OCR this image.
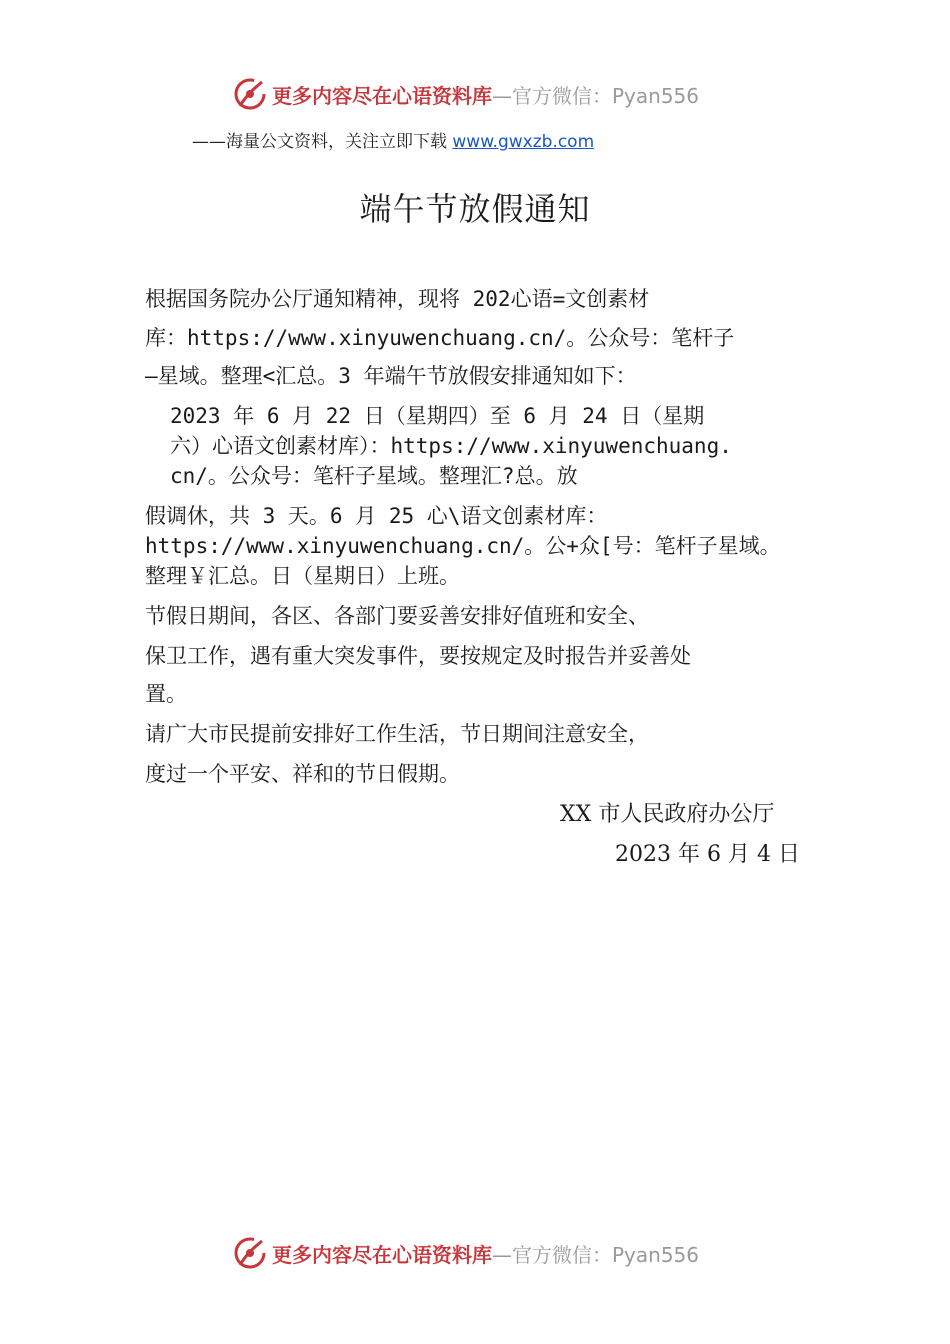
更多内容尽在心语资料库 —官方微信：Pyan556
——海量公文资料，关注立即下载 www.gwxzb.com
端午节放假通知
根据国务院办公厅通知精神，现将 202心语=文创素材
库：https://www.xinyuwenchuang.cn/。公众号：笔杆子
—星域。整理<汇总。3 年端午节放假安排通知如下：
2023 年 6 月 22 日（星期四）至 6 月 24 日（星期
六）心语文创素材库）：https://www.xinyuwenchuang.
cn/。公众号：笔杆子星域。整理汇?总。放
假调休，共 3 天。6 月 25 心\语文创素材库：
https://www.xinyuwenchuang.cn/。公+众[号：笔杆子星域。
整理￥汇总。日（星期日）上班。
节假日期间，各区、各部门要妥善安排好值班和安全、
保卫工作，遇有重大突发事件，要按规定及时报告并妥善处
置。
请广大市民提前安排好工作生活，节日期间注意安全，
度过一个平安、祥和的节日假期。
XX 市人民政府办公厅
2023 年 6 月 4 日
更多内容尽在心语资料库 —官方微信：Pyan556
